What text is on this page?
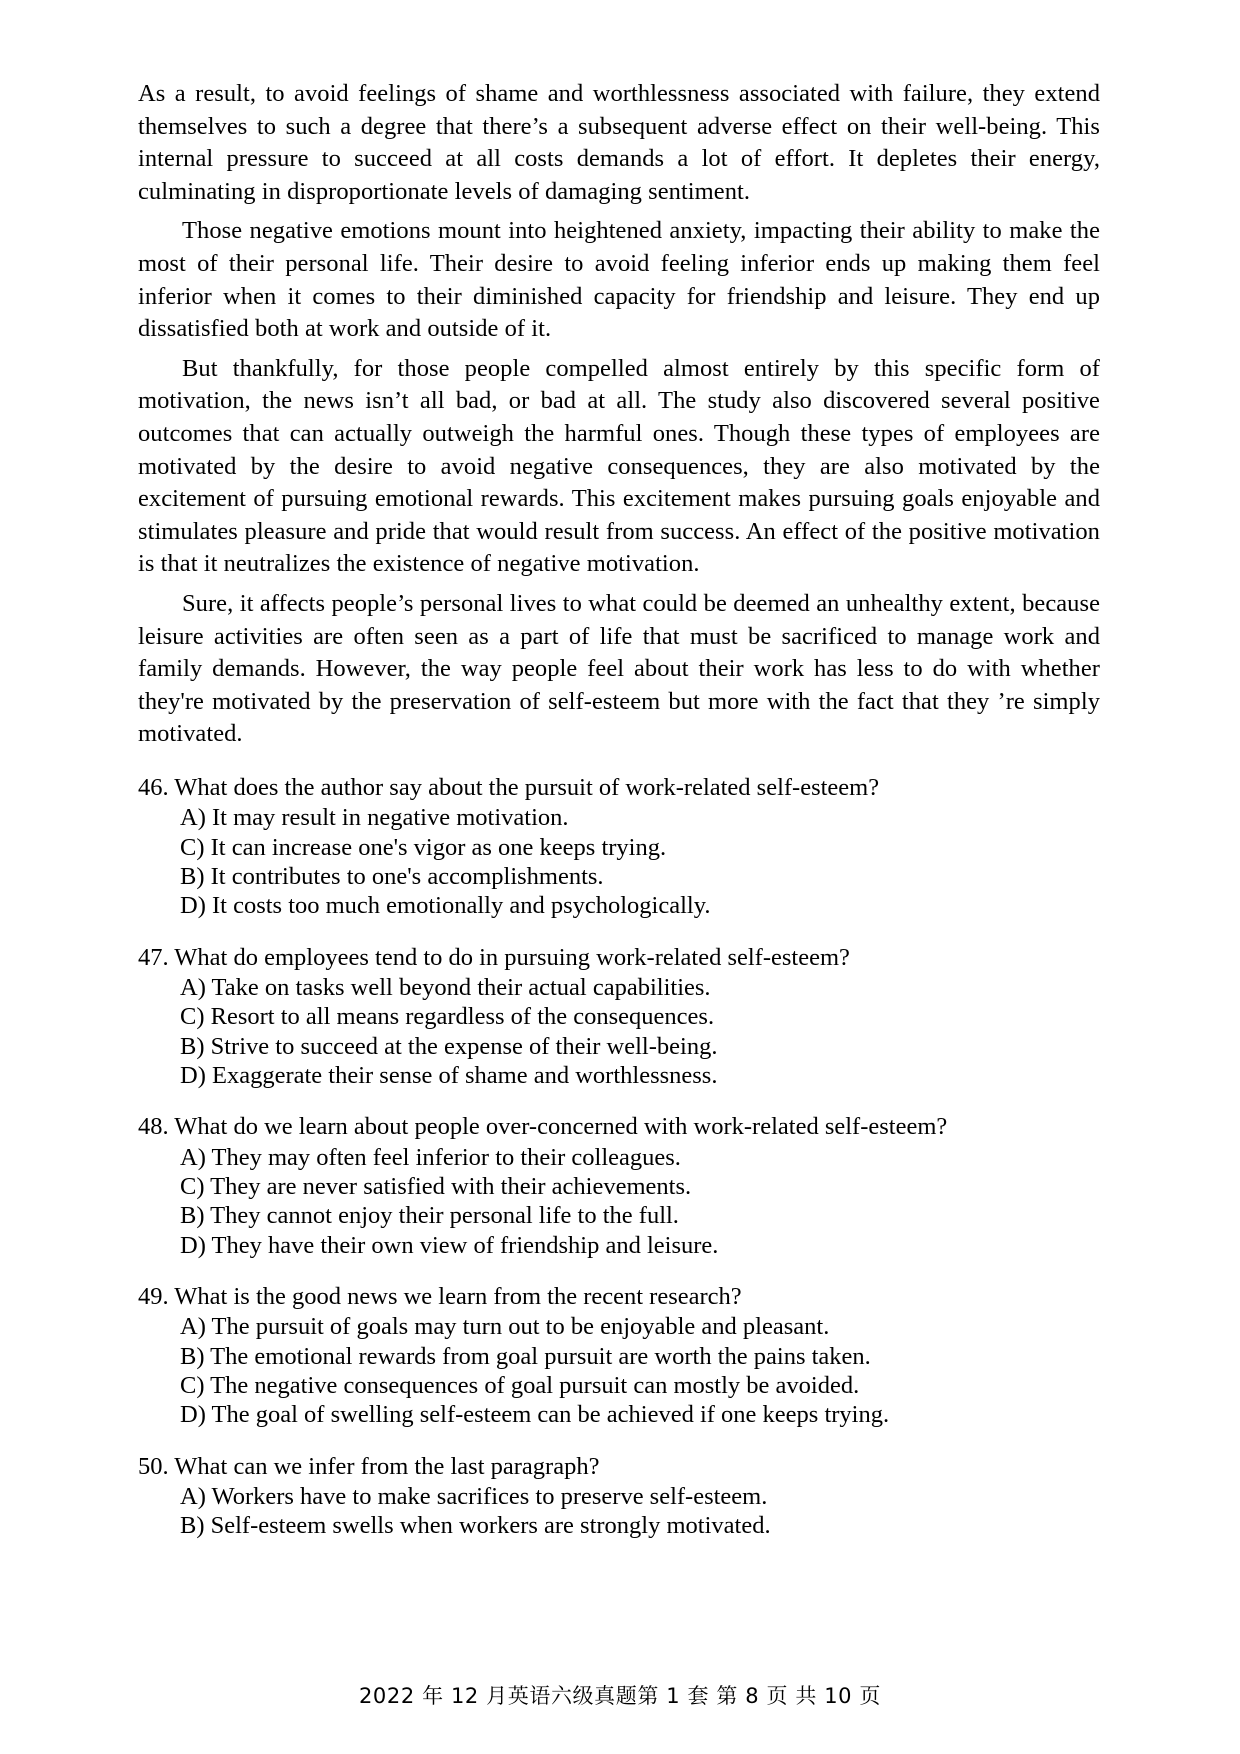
As a result, to avoid feelings of shame and worthlessness associated with failure, they extend themselves to such a degree that there’s a subsequent adverse effect on their well-being. This internal pressure to succeed at all costs demands a lot of effort. It depletes their energy, culminating in disproportionate levels of damaging sentiment.

Those negative emotions mount into heightened anxiety, impacting their ability to make the most of their personal life. Their desire to avoid feeling inferior ends up making them feel inferior when it comes to their diminished capacity for friendship and leisure. They end up dissatisfied both at work and outside of it.

But thankfully, for those people compelled almost entirely by this specific form of motivation, the news isn’t all bad, or bad at all. The study also discovered several positive outcomes that can actually outweigh the harmful ones. Though these types of employees are motivated by the desire to avoid negative consequences, they are also motivated by the excitement of pursuing emotional rewards. This excitement makes pursuing goals enjoyable and stimulates pleasure and pride that would result from success. An effect of the positive motivation is that it neutralizes the existence of negative motivation.

Sure, it affects people’s personal lives to what could be deemed an unhealthy extent, because leisure activities are often seen as a part of life that must be sacrificed to manage work and family demands. However, the way people feel about their work has less to do with whether they're motivated by the preservation of self-esteem but more with the fact that they ’re simply motivated.

46. What does the author say about the pursuit of work-related self-esteem?
A) It may result in negative motivation.
C) It can increase one's vigor as one keeps trying.
B) It contributes to one's accomplishments.
D) It costs too much emotionally and psychologically.
47. What do employees tend to do in pursuing work-related self-esteem?
A) Take on tasks well beyond their actual capabilities.
C) Resort to all means regardless of the consequences.
B) Strive to succeed at the expense of their well-being.
D) Exaggerate their sense of shame and worthlessness.
48. What do we learn about people over-concerned with work-related self-esteem?
A) They may often feel inferior to their colleagues.
C) They are never satisfied with their achievements.
B) They cannot enjoy their personal life to the full.
D) They have their own view of friendship and leisure.
49. What is the good news we learn from the recent research?
A) The pursuit of goals may turn out to be enjoyable and pleasant.
B) The emotional rewards from goal pursuit are worth the pains taken.
C) The negative consequences of goal pursuit can mostly be avoided.
D) The goal of swelling self-esteem can be achieved if one keeps trying.
50. What can we infer from the last paragraph?
A) Workers have to make sacrifices to preserve self-esteem.
B) Self-esteem swells when workers are strongly motivated.
2022 年 12 月英语六级真题第 1 套 第 8 页 共 10 页
